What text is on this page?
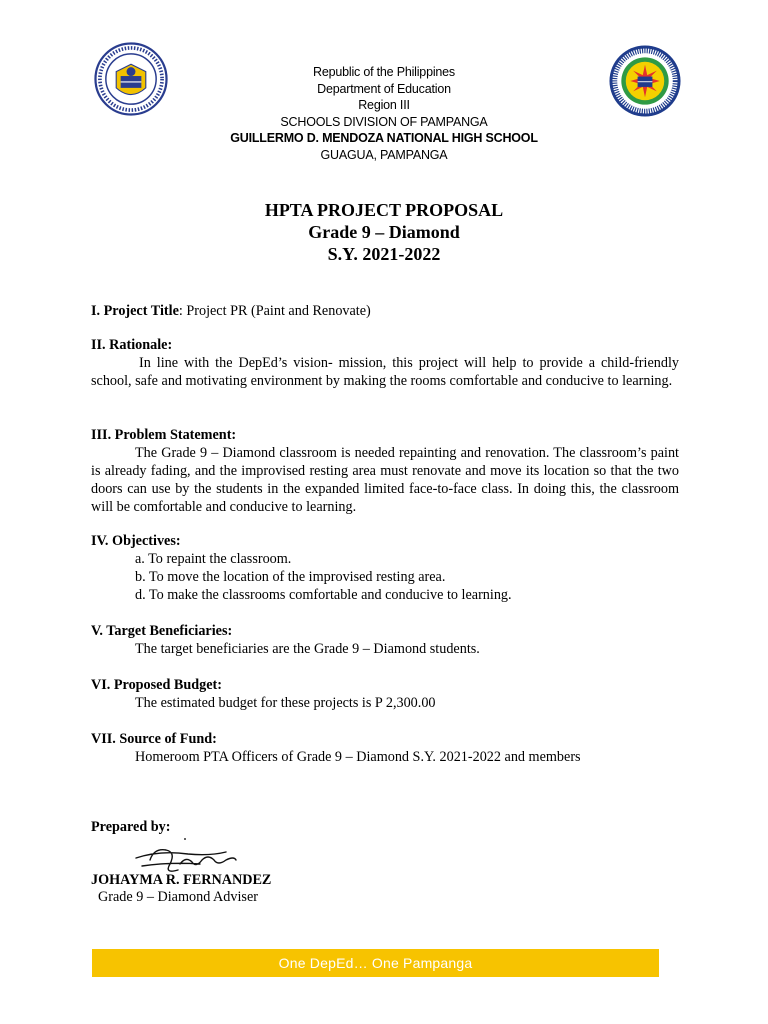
Republic of the Philippines
Department of Education
Region III
SCHOOLS DIVISION OF PAMPANGA
GUILLERMO D. MENDOZA NATIONAL HIGH SCHOOL
GUAGUA, PAMPANGA
HPTA PROJECT PROPOSAL
Grade 9 – Diamond
S.Y. 2021-2022
I. Project Title: Project PR (Paint and Renovate)
II. Rationale:
In line with the DepEd’s vision- mission, this project will help to provide a child-friendly school, safe and motivating environment by making the rooms comfortable and conducive to learning.
III. Problem Statement:
The Grade 9 – Diamond classroom is needed repainting and renovation. The classroom’s paint is already fading, and the improvised resting area must renovate and move its location so that the two doors can use by the students in the expanded limited face-to-face class. In doing this, the classroom will be comfortable and conducive to learning.
IV. Objectives:
a. To repaint the classroom.
b. To move the location of the improvised resting area.
d. To make the classrooms comfortable and conducive to learning.
V. Target Beneficiaries:
The target beneficiaries are the Grade 9 – Diamond students.
VI. Proposed Budget:
The estimated budget for these projects is P 2,300.00
VII. Source of Fund:
Homeroom PTA Officers of Grade 9 – Diamond S.Y. 2021-2022 and members
Prepared by:
JOHAYMA R. FERNANDEZ
Grade 9 – Diamond Adviser
One DepEd… One Pampanga
